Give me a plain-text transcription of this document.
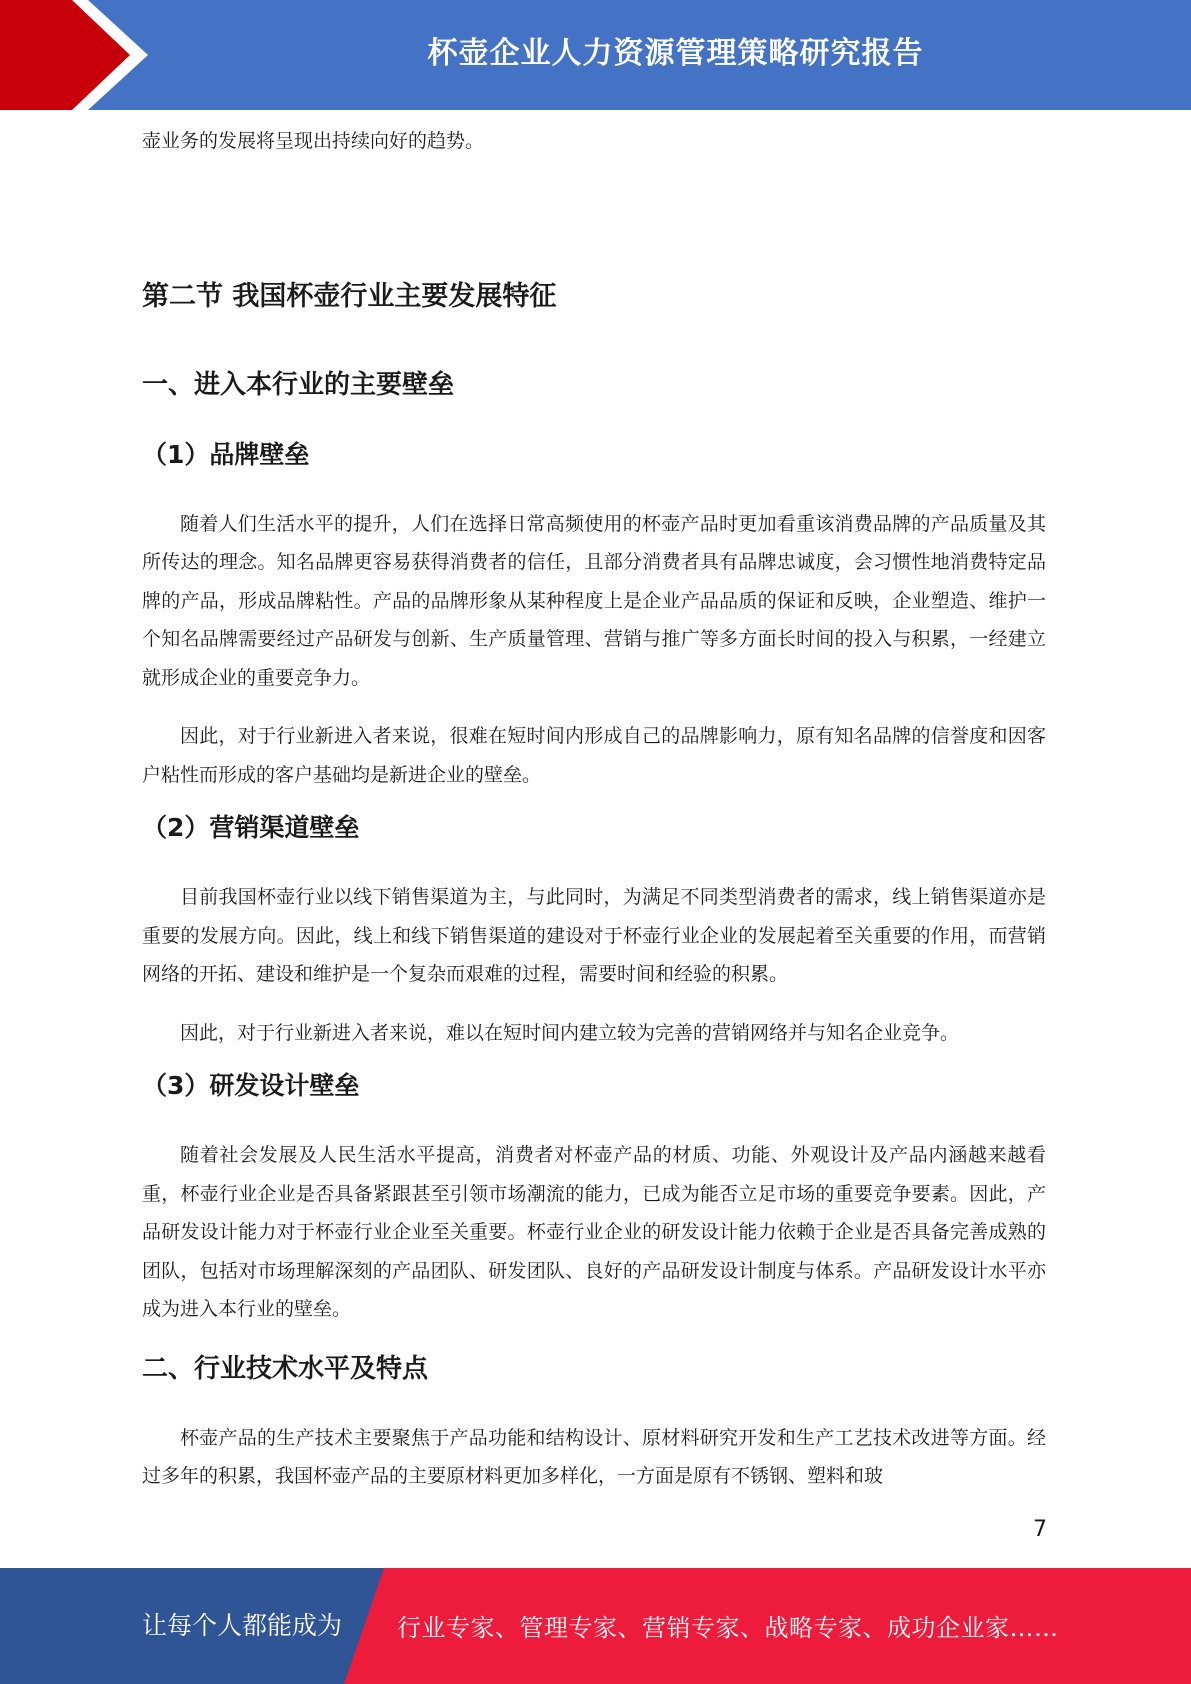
杯壶企业人力资源管理策略研究报告

壶业务的发展将呈现出持续向好的趋势。

第二节 我国杯壶行业主要发展特征
一、进入本行业的主要壁垒
（1）品牌壁垒

随着人们生活水平的提升，人们在选择日常高频使用的杯壶产品时更加看重该消费品牌的产品质量及其所传达的理念。知名品牌更容易获得消费者的信任，且部分消费者具有品牌忠诚度，会习惯性地消费特定品牌的产品，形成品牌粘性。产品的品牌形象从某种程度上是企业产品品质的保证和反映，企业塑造、维护一个知名品牌需要经过产品研发与创新、生产质量管理、营销与推广等多方面长时间的投入与积累，一经建立就形成企业的重要竞争力。

因此，对于行业新进入者来说，很难在短时间内形成自己的品牌影响力，原有知名品牌的信誉度和因客户粘性而形成的客户基础均是新进企业的壁垒。

（2）营销渠道壁垒

目前我国杯壶行业以线下销售渠道为主，与此同时，为满足不同类型消费者的需求，线上销售渠道亦是重要的发展方向。因此，线上和线下销售渠道的建设对于杯壶行业企业的发展起着至关重要的作用，而营销网络的开拓、建设和维护是一个复杂而艰难的过程，需要时间和经验的积累。

因此，对于行业新进入者来说，难以在短时间内建立较为完善的营销网络并与知名企业竞争。

（3）研发设计壁垒

随着社会发展及人民生活水平提高，消费者对杯壶产品的材质、功能、外观设计及产品内涵越来越看重，杯壶行业企业是否具备紧跟甚至引领市场潮流的能力，已成为能否立足市场的重要竞争要素。因此，产品研发设计能力对于杯壶行业企业至关重要。杯壶行业企业的研发设计能力依赖于企业是否具备完善成熟的团队，包括对市场理解深刻的产品团队、研发团队、良好的产品研发设计制度与体系。产品研发设计水平亦成为进入本行业的壁垒。

二、行业技术水平及特点

杯壶产品的生产技术主要聚焦于产品功能和结构设计、原材料研究开发和生产工艺技术改进等方面。经过多年的积累，我国杯壶产品的主要原材料更加多样化，一方面是原有不锈钢、塑料和玻

7
让每个人都能成为 行业专家、管理专家、营销专家、战略专家、成功企业家……
